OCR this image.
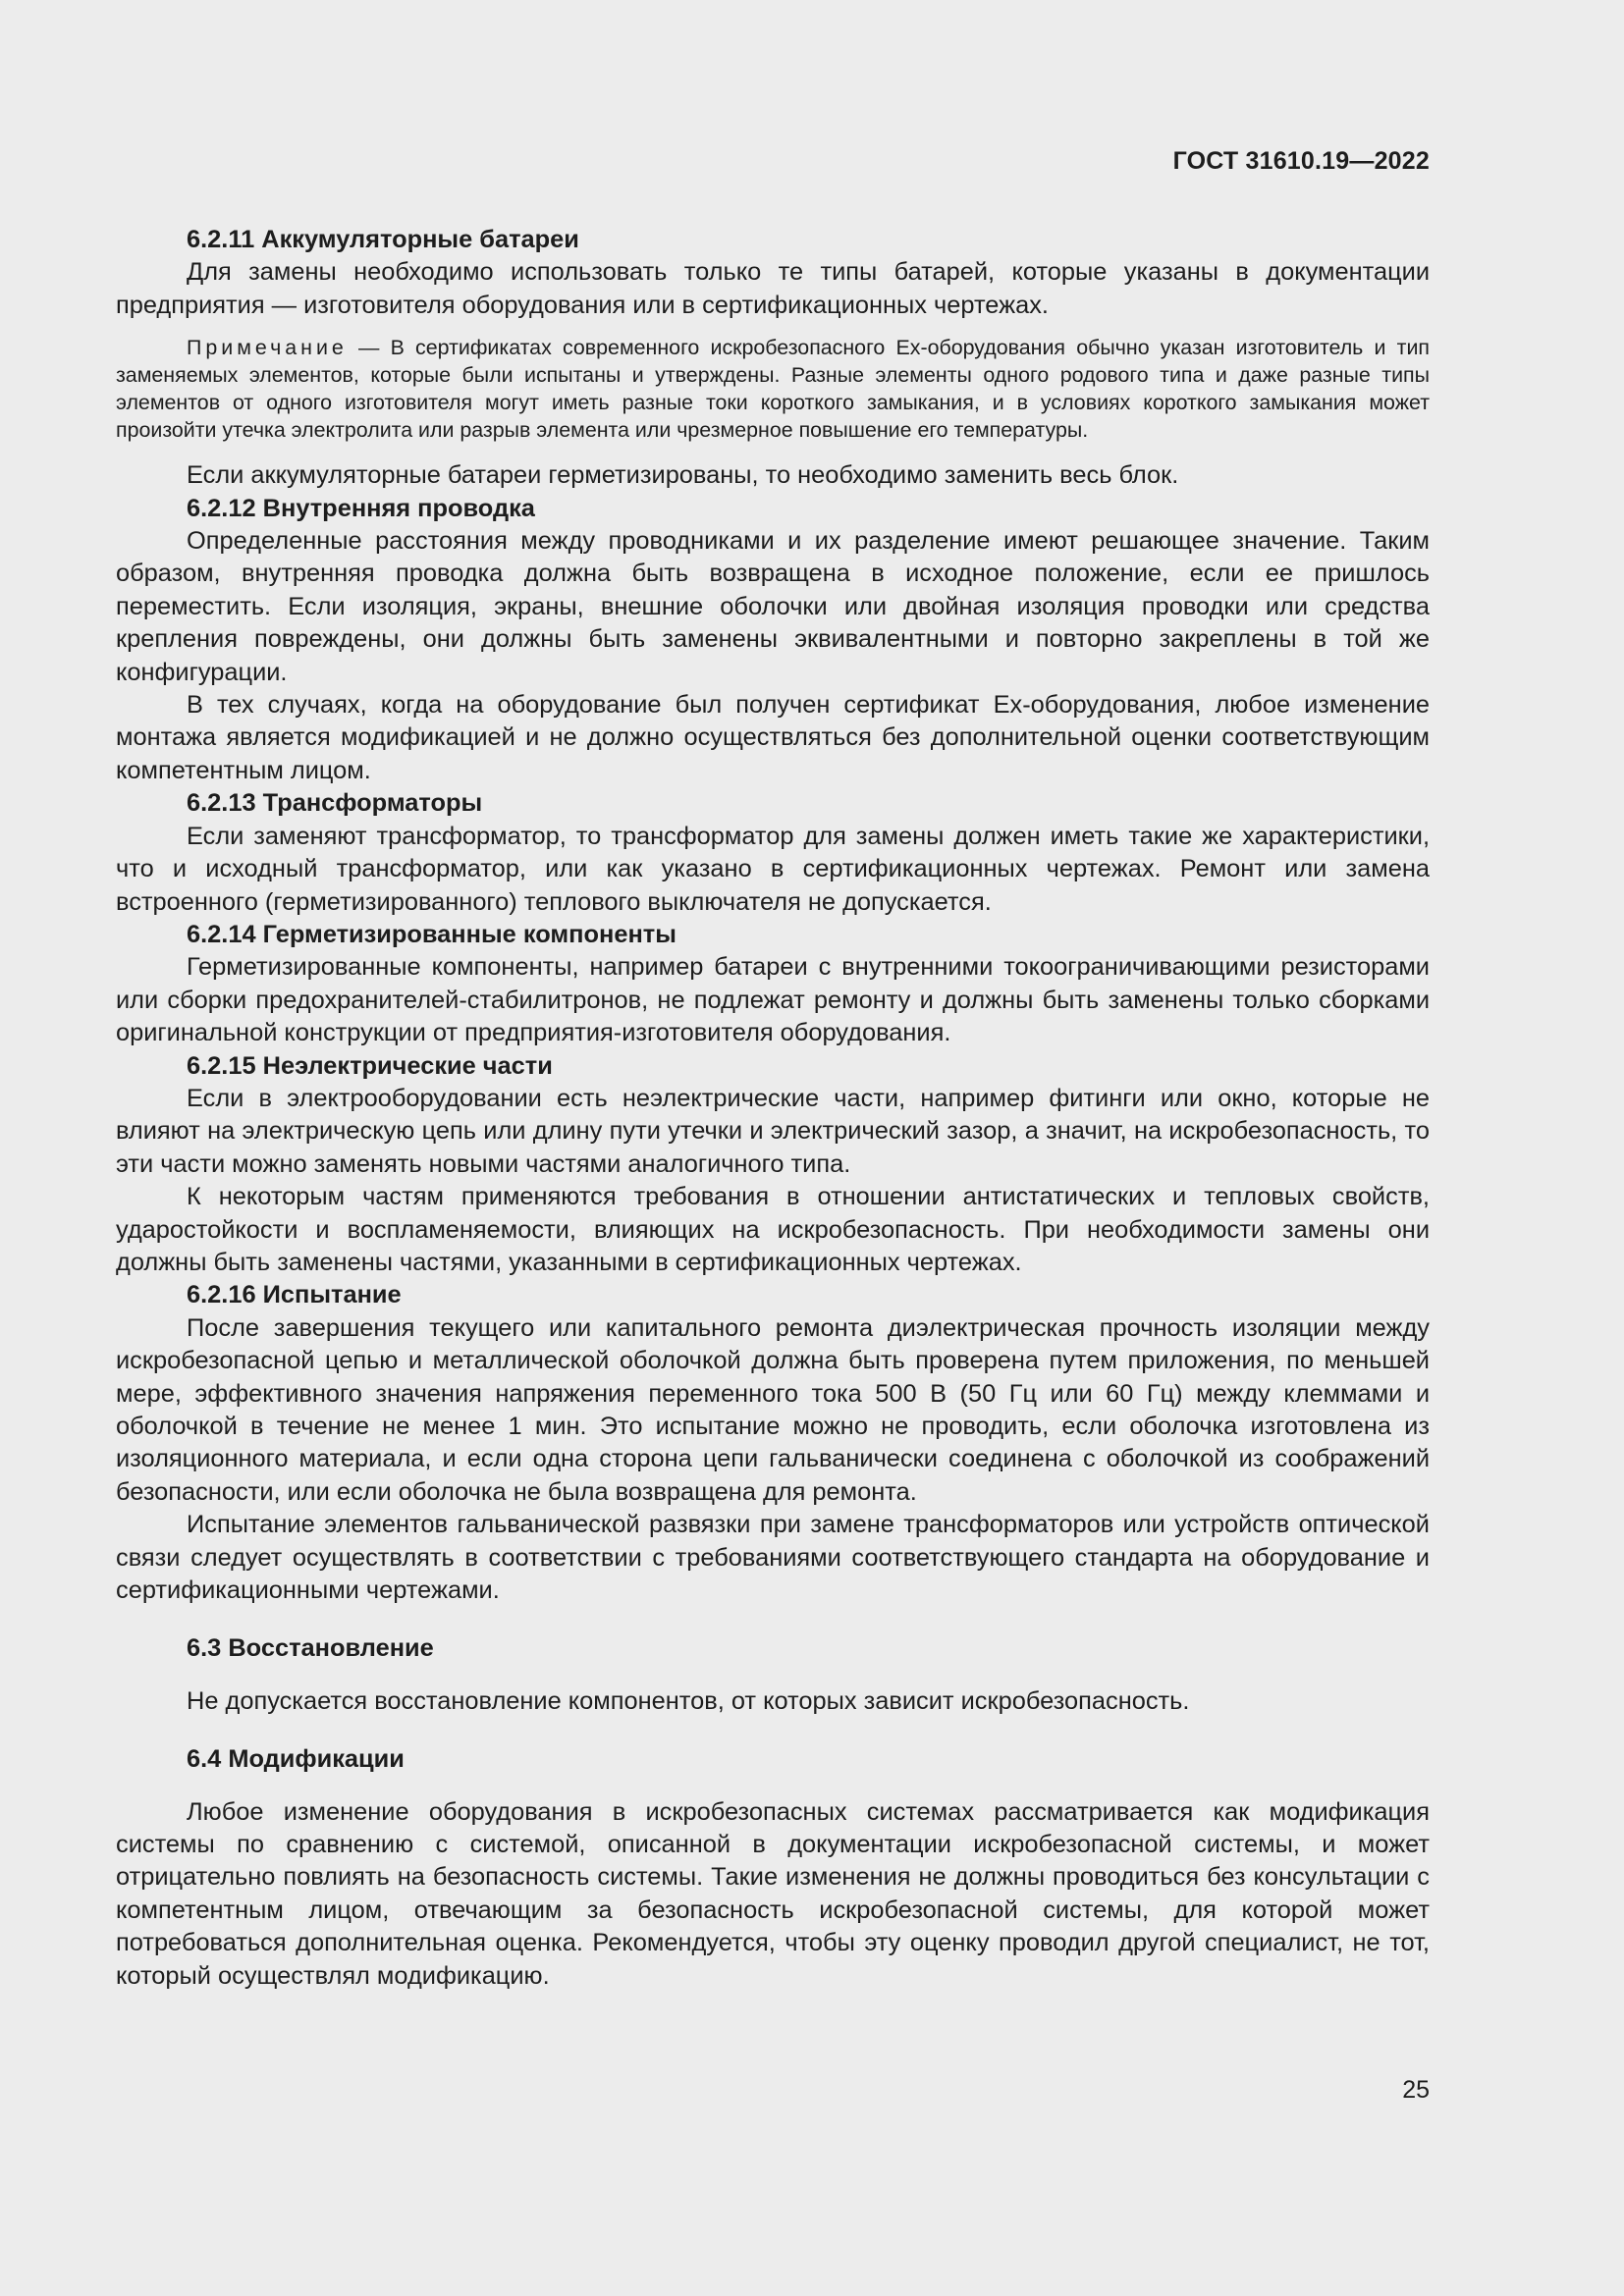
ГОСТ 31610.19—2022
6.2.11 Аккумуляторные батареи

Для замены необходимо использовать только те типы батарей, которые указаны в документации предприятия — изготовителя оборудования или в сертификационных чертежах.

Примечание — В сертификатах современного искробезопасного Ex-оборудования обычно указан изготовитель и тип заменяемых элементов, которые были испытаны и утверждены. Разные элементы одного родового типа и даже разные типы элементов от одного изготовителя могут иметь разные токи короткого замыкания, и в условиях короткого замыкания может произойти утечка электролита или разрыв элемента или чрезмерное повышение его температуры.

Если аккумуляторные батареи герметизированы, то необходимо заменить весь блок.

6.2.12 Внутренняя проводка

Определенные расстояния между проводниками и их разделение имеют решающее значение. Таким образом, внутренняя проводка должна быть возвращена в исходное положение, если ее пришлось переместить. Если изоляция, экраны, внешние оболочки или двойная изоляция проводки или средства крепления повреждены, они должны быть заменены эквивалентными и повторно закреплены в той же конфигурации.

В тех случаях, когда на оборудование был получен сертификат Ex-оборудования, любое изменение монтажа является модификацией и не должно осуществляться без дополнительной оценки соответствующим компетентным лицом.

6.2.13 Трансформаторы

Если заменяют трансформатор, то трансформатор для замены должен иметь такие же характеристики, что и исходный трансформатор, или как указано в сертификационных чертежах. Ремонт или замена встроенного (герметизированного) теплового выключателя не допускается.

6.2.14 Герметизированные компоненты

Герметизированные компоненты, например батареи с внутренними токоограничивающими резисторами или сборки предохранителей-стабилитронов, не подлежат ремонту и должны быть заменены только сборками оригинальной конструкции от предприятия-изготовителя оборудования.

6.2.15 Неэлектрические части

Если в электрооборудовании есть неэлектрические части, например фитинги или окно, которые не влияют на электрическую цепь или длину пути утечки и электрический зазор, а значит, на искробезопасность, то эти части можно заменять новыми частями аналогичного типа.

К некоторым частям применяются требования в отношении антистатических и тепловых свойств, ударостойкости и воспламеняемости, влияющих на искробезопасность. При необходимости замены они должны быть заменены частями, указанными в сертификационных чертежах.

6.2.16 Испытание

После завершения текущего или капитального ремонта диэлектрическая прочность изоляции между искробезопасной цепью и металлической оболочкой должна быть проверена путем приложения, по меньшей мере, эффективного значения напряжения переменного тока 500 В (50 Гц или 60 Гц) между клеммами и оболочкой в течение не менее 1 мин. Это испытание можно не проводить, если оболочка изготовлена из изоляционного материала, и если одна сторона цепи гальванически соединена с оболочкой из соображений безопасности, или если оболочка не была возвращена для ремонта.

Испытание элементов гальванической развязки при замене трансформаторов или устройств оптической связи следует осуществлять в соответствии с требованиями соответствующего стандарта на оборудование и сертификационными чертежами.

6.3 Восстановление

Не допускается восстановление компонентов, от которых зависит искробезопасность.

6.4 Модификации

Любое изменение оборудования в искробезопасных системах рассматривается как модификация системы по сравнению с системой, описанной в документации искробезопасной системы, и может отрицательно повлиять на безопасность системы. Такие изменения не должны проводиться без консультации с компетентным лицом, отвечающим за безопасность искробезопасной системы, для которой может потребоваться дополнительная оценка. Рекомендуется, чтобы эту оценку проводил другой специалист, не тот, который осуществлял модификацию.

25
